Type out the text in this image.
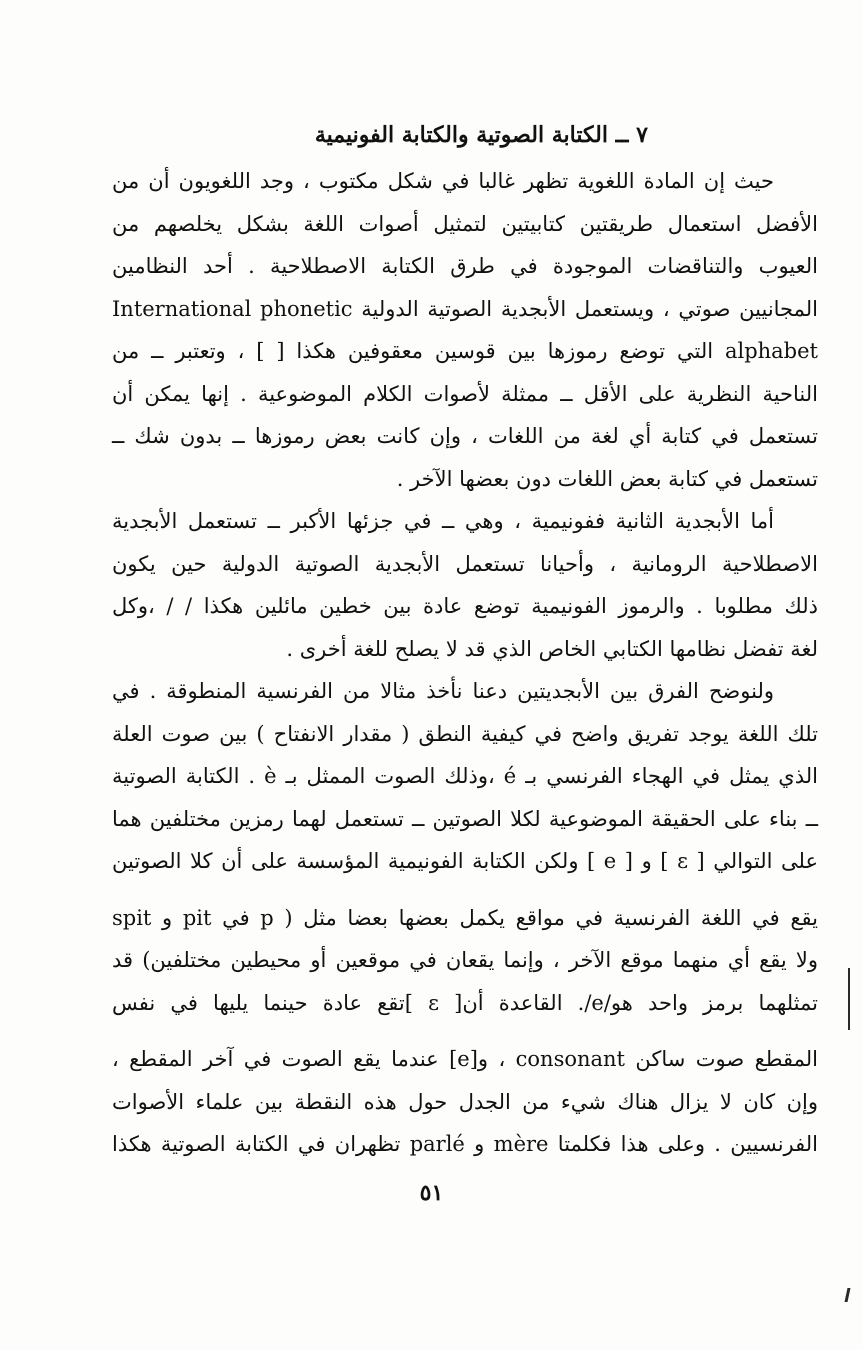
٧ ــ الكتابة الصوتية والكتابة الفونيمية
حيث إن المادة اللغوية تظهر غالبا في شكل مكتوب ، وجد اللغويون أن من
الأفضل استعمال طريقتين كتابيتين لتمثيل أصوات اللغة بشكل يخلصهم من
العيوب والتناقضات الموجودة في طرق الكتابة الاصطلاحية . أحد النظامين
المجانيين صوتي ، ويستعمل الأبجدية الصوتية الدولية International phonetic
alphabet التي توضع رموزها بين قوسين معقوفين هكذا [ ] ، وتعتبر ــ من
الناحية النظرية على الأقل ــ ممثلة لأصوات الكلام الموضوعية . إنها يمكن أن
تستعمل في كتابة أي لغة من اللغات ، وإن كانت بعض رموزها ــ بدون شك ــ
تستعمل في كتابة بعض اللغات دون بعضها الآخر .
أما الأبجدية الثانية ففونيمية ، وهي ــ في جزئها الأكبر ــ تستعمل الأبجدية
الاصطلاحية الرومانية ، وأحيانا تستعمل الأبجدية الصوتية الدولية حين يكون
ذلك مطلوبا . والرموز الفونيمية توضع عادة بين خطين مائلين هكذا / / ،وكل
لغة تفضل نظامها الكتابي الخاص الذي قد لا يصلح للغة أخرى .
ولنوضح الفرق بين الأبجديتين دعنا نأخذ مثالا من الفرنسية المنطوقة . في
تلك اللغة يوجد تفريق واضح في كيفية النطق ( مقدار الانفتاح ) بين صوت العلة
الذي يمثل في الهجاء الفرنسي بـ é ،وذلك الصوت الممثل بـ è . الكتابة الصوتية
ــ بناء على الحقيقة الموضوعية لكلا الصوتين ــ تستعمل لهما رمزين مختلفين هما
على التوالي [ ɛ ] و [ e ] ولكن الكتابة الفونيمية المؤسسة على أن كلا الصوتين
يقع في اللغة الفرنسية في مواقع يكمل بعضها بعضا مثل ( p في pit و spit
ولا يقع أي منهما موقع الآخر ، وإنما يقعان في موقعين أو محيطين مختلفين) قد
تمثلهما برمز واحد هو/e/. القاعدة أن[ ɛ ]تقع عادة حينما يليها في نفس
المقطع صوت ساكن consonant ، و[e] عندما يقع الصوت في آخر المقطع ،
وإن كان لا يزال هناك شيء من الجدل حول هذه النقطة بين علماء الأصوات
الفرنسيين . وعلى هذا فكلمتا mère و parlé تظهران في الكتابة الصوتية هكذا
٥١
